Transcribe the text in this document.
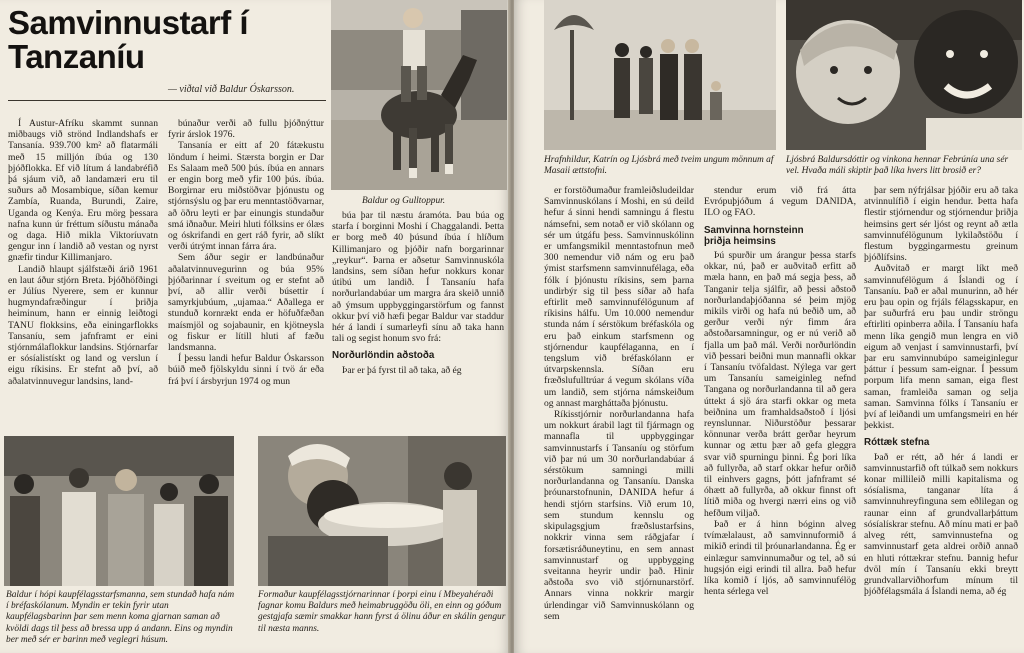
Samvinnustarf í
Tanzaníu
— viðtal við Baldur Óskarsson.
Baldur og Gulltoppur.

Í Austur-Afríku skammt sunnan miðbaugs við strönd Indlandshafs er Tansanía. 939.700 km² að flatarmáli með 15 milljón íbúa og 130 þjóðflokka. Ef við lítum á landabréfið þá sjáum við, að landamæri eru til suðurs að Mosambique, síðan kemur Zambía, Ruanda, Burundi, Zaire, Uganda og Kenýa. Eru mörg þessara nafna kunn úr fréttum síðustu mánaða og daga. Hið mikla Viktoríuvatn gengur inn í landið að vestan og nyrst gnæfir tindur Killimanjaro.

Landið hlaupt sjálfstæði árið 1961 en laut áður stjórn Breta. Þjóðhöfðingi er Júlíus Nyerere, sem er kunnur hugmyndafræðingur í þriðja heiminum, hann er einnig leiðtogi TANU flokksins, eða einingarflokks Tansaníu, sem jafnframt er eini stjórnmálaflokkur landsins. Stjórnarfar er sósíalistískt og land og verslun í eigu ríkisins. Er stefnt að því, að aðalatvinnuvegur landsins, land-

búnaður verði að fullu þjóðnýttur fyrir árslok 1976.

Tansanía er eitt af 20 fátækustu löndum í heimi. Stærsta borgin er Dar Es Salaam með 500 þús. íbúa en annars er engin borg með yfir 100 þús. íbúa. Borgirnar eru miðstöðvar þjónustu og stjórnsýslu og þar eru menntastöðvarnar, að öðru leyti er þar einungis stundaður smá iðnaður. Meiri hluti fólksins er ólæs og óskrifandi en gert ráð fyrir, að slíkt verði útrýmt innan fárra ára.

Sem áður segir er landbúnaður aðalatvinnuvegurinn og búa 95% þjóðarinnar í sveitum og er stefnt að því, að allir verði búsettir í samyrkjubúum, „ujamaa.“ Aðallega er stunduð kornrækt enda er höfuðfæðan maísmjöl og sojabaunir, en kjötneysla og fiskur er lítill hluti af fæðu landsmanna.

Í þessu landi hefur Baldur Óskarsson búið með fjölskyldu sinni í tvö ár eða frá því í ársbyrjun 1974 og mun

búa þar til næstu áramóta. Þau búa og starfa í borginni Moshi í Chaggalandi. Þetta er borg með 40 þúsund íbúa í hlíðum Killimanjaro og þjóðir nafn borgarinnar „reykur“. Þarna er aðsetur Samvinnuskóla landsins, sem síðan hefur nokkurs konar útibú um landið. Í Tansaníu hafa norðurlandabúar um margra ára skeið unnið að ýmsum uppbyggingarstörfum og fannst okkur því við hæfi þegar Baldur var staddur hér á landi í sumarleyfi sínu að taka hann tali og segist honum svo frá:

Norðurlöndin aðstoða

Þar er þá fyrst til að taka, að ég

Baldur í hópi kaupfélagsstarfsmanna, sem stundað hafa nám í bréfaskólanum. Myndin er tekin fyrir utan kaupfélagsbarinn þar sem menn koma gjarnan saman að kvöldi dags til þess að bressa upp á andann. Eins og myndin ber með sér er barinn með veglegri húsum.
Formaður kaupfélagsstjórnarinnar í þorpi einu í Mbeyahéraði fagnar komu Baldurs með heimabruggöðu öli, en einn og góðum gestgjafa sæmir smakkar hann fyrst á ölinu áður en skálin gengur til næsta manns.
Hrafnhildur, Katrín og Ljósbrá með tveim ungum mönnum af Masaii ættstofni.
Ljósbrá Baldursdóttir og vinkona hennar Febrúnía una sér vel. Hvaða máli skiptir það líka hvers litt brosið er?

er forstöðumaður framleiðsludeildar Samvinnuskólans í Moshi, en sú deild hefur á sinni hendi samningu á flestu námsefni, sem notað er við skólann og sér um útgáfu þess. Samvinnuskólinn er umfangsmikil menntastofnun með 300 nemendur við nám og eru það ýmist starfsmenn samvinnufélaga, eða fólk í þjónustu ríkisins, sem þarna undirbýr sig til þess síðar að hafa eftirlit með samvinnufélögunum af ríkisins hálfu. Um 10.000 nemendur stunda nám í sérstökum bréfaskóla og eru það einkum starfsmenn og stjórnendur kaupfélaganna, en í tengslum við bréfaskólann er útvarpskennsla. Síðan eru fræðslufulltrúar á vegum skólans víða um landið, sem stjórna námskeiðum og annast margháttaða þjónustu.

Ríkisstjórnir norðurlandanna hafa um nokkurt árabil lagt til fjármagn og mannafla til uppbyggingar samvinnustarfs í Tansaníu og störfum við þar nú um 30 norðurlandabúar á sérstökum samningi milli norðurlandanna og Tansaníu. Danska þróunarstofnunin, DANIDA hefur á hendi stjórn starfsins. Við erum 10, sem stundum kennslu og skipulagsgjum fræðslustarfsins, nokkrir vinna sem ráðgjafar í forsætisráðuneytinu, en sem annast samvinnustarf og uppbygging sveitanna heyrir undir það. Hinir aðstoða svo við stjórnunarstörf. Annars vinna nokkrir margir úrlendingar við Samvinnuskólann og sem

stendur erum við frá átta Evrópuþjóðum á vegum DANIDA, ILO og FAO.

Samvinna hornsteinn
þriðja heimsins

Þú spurðir um árangur þessa starfs okkar, nú, það er auðvitað erfitt að mæla hann, en það má segja þess, að Tanganir telja sjálfir, að þessi aðstoð norðurlandaþjóðanna sé þeim mjög mikils virði og hafa nú beðið um, að gerður verði nýr fimm ára aðstoðarsamningur, og er nú verið að fjalla um það mál. Verði norðurlöndin við þessari beiðni mun mannafli okkar í Tansaníu tvöfaldast. Nýlega var gert um Tansaníu sameiginleg nefnd Tangana og norðurlandanna til að gera úttekt á sjö ára starfi okkar og meta beiðnina um framhaldsaðstoð í ljósi reynslunnar. Niðurstöður þessarar könnunar verða brátt gerðar heyrum kunnar og ættu þær að gefa gleggra svar við spurningu þinni. Ég þori líka að fullyrða, að starf okkar hefur orðið til einhvers gagns, þótt jafnframt sé óhætt að fullyrða, að okkur finnst oft lítið miða og hvergi nærri eins og við hefðum viljað.

Það er á hinn bóginn alveg tvímælalaust, að samvinnuformið á mikið erindi til þróunarlandanna. Ég er einlægur samvinnumaður og tel, að sú hugsjón eigi erindi til allra. Það hefur líka komið í ljós, að samvinnufélög henta sérlega vel

þar sem nýfrjálsar þjóðir eru að taka atvinnulífið í eigin hendur. Þetta hafa flestir stjórnendur og stjórnendur þriðja heimsins gert sér ljóst og reynt að ætla samvinnufélögunum lykilaðstöðu í flestum byggingarmestu greinum þjóðlífsins.

Auðvitað er margt líkt með samvinnufélögum á Íslandi og í Tansaníu. Það er aðal munurinn, að hér eru þau opin og frjáls félagsskapur, en þar suðurfrá eru þau undir ströngu eftirliti opinberra aðila. Í Tansaníu hafa menn líka gengið mun lengra en við eigum að venjast í samvinnustarfi, því þar eru samvinnubúpo sameiginlegur þáttur í þessum sam-eignar. Í þessum porpum lifa menn saman, eiga flest saman, framleiða saman og selja saman. Samvinna fólks í Tansaníu er því af leiðandi um umfangsmeiri en hér þekkist.

Róttæk stefna

Það er rétt, að hér á landi er samvinnustarfið oft túlkað sem nokkurs konar millileið milli kapitalisma og sósíalisma, tanganar líta á samvinnuhreyfinguna sem eðlilegan og raunar einn af grundvallarþáttum sósíalískrar stefnu. Að mínu mati er það alveg rétt, samvinnustefna og samvinnustarf geta aldrei orðið annað en hluti róttækrar stefnu. Þannig hefur dvöl mín í Tansaníu ekki breytt grundvallarviðhorfum mínum til þjóðfélagsmála á Íslandi nema, að ég
